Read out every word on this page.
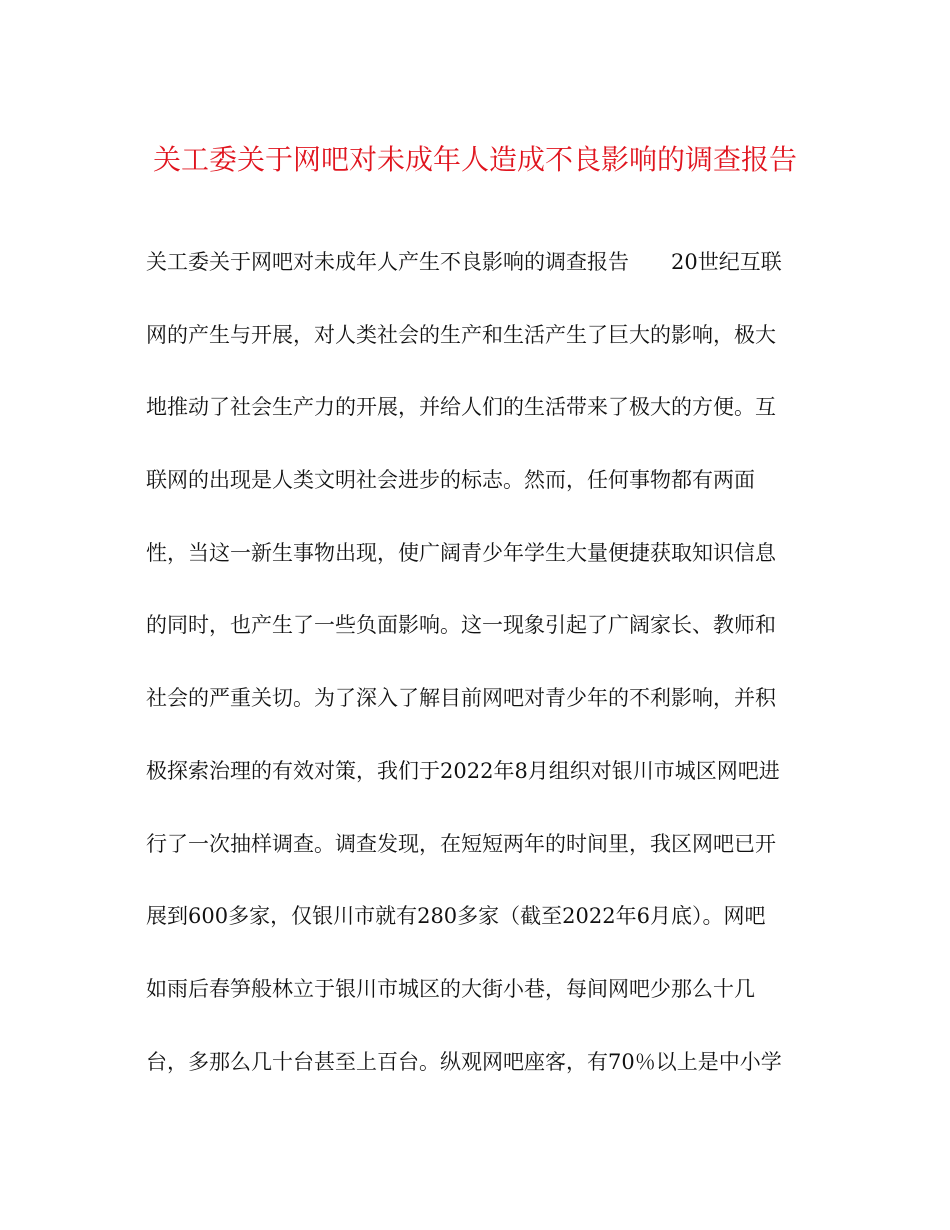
关工委关于网吧对未成年人造成不良影响的调查报告
关工委关于网吧对未成年人产生不良影响的调查报告　　20世纪互联
网的产生与开展，对人类社会的生产和生活产生了巨大的影响，极大
地推动了社会生产力的开展，并给人们的生活带来了极大的方便。互
联网的出现是人类文明社会进步的标志。然而，任何事物都有两面
性，当这一新生事物出现，使广阔青少年学生大量便捷获取知识信息
的同时，也产生了一些负面影响。这一现象引起了广阔家长、教师和
社会的严重关切。为了深入了解目前网吧对青少年的不利影响，并积
极探索治理的有效对策，我们于2022年8月组织对银川市城区网吧进
行了一次抽样调查。调查发现，在短短两年的时间里，我区网吧已开
展到600多家，仅银川市就有280多家（截至2022年6月底）。网吧
如雨后春笋般林立于银川市城区的大街小巷，每间网吧少那么十几
台，多那么几十台甚至上百台。纵观网吧座客，有70％以上是中小学
